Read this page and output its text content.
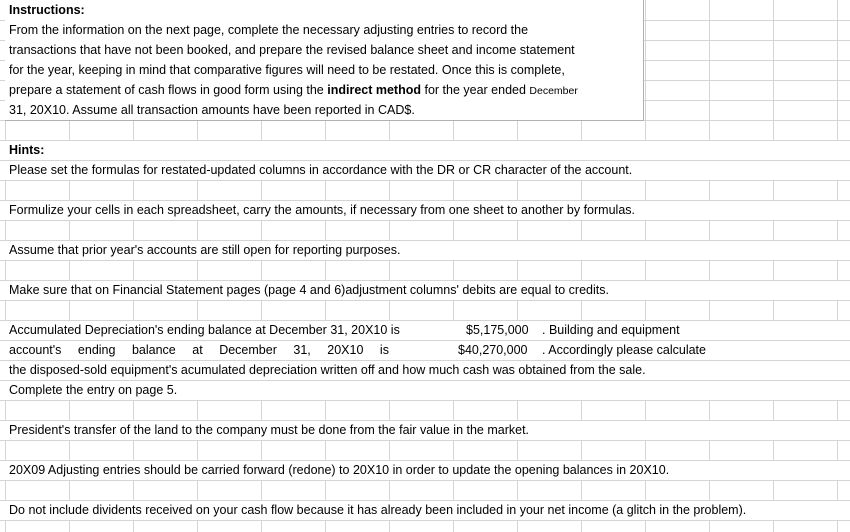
Instructions:
From the information on the next page, complete the necessary adjusting entries to record the
transactions that have not been booked, and prepare the revised balance sheet and income statement
for the year, keeping in mind that comparative figures will need to be restated. Once this is complete,
prepare a statement of cash flows in good form using the indirect method for the year ended December
31, 20X10. Assume all transaction amounts have been reported in CAD$.
Hints:
Please set the formulas for restated-updated columns in accordance with the DR or CR character of the account.
Formulize your cells in each spreadsheet, carry the amounts, if necessary from one sheet to another by formulas.
Assume that prior year's accounts are still open for reporting purposes.
Make sure that on Financial Statement pages (page 4 and 6)adjustment columns' debits are equal to credits.
Accumulated Depreciation's ending balance at December 31, 20X10 is	$5,175,000 . Building and equipment
account's ending balance at December 31, 20X10 is	$40,270,000 . Accordingly please calculate
the disposed-sold equipment's acumulated depreciation written off and how much cash was obtained from the sale.
Complete the entry on page 5.
President's transfer of the land to the company must be done from the fair value in the market.
20X09 Adjusting entries should be carried forward (redone) to 20X10 in order to update the opening balances in 20X10.
Do not include dividents received on your cash flow because it has already been included in your net income (a glitch in the problem).
